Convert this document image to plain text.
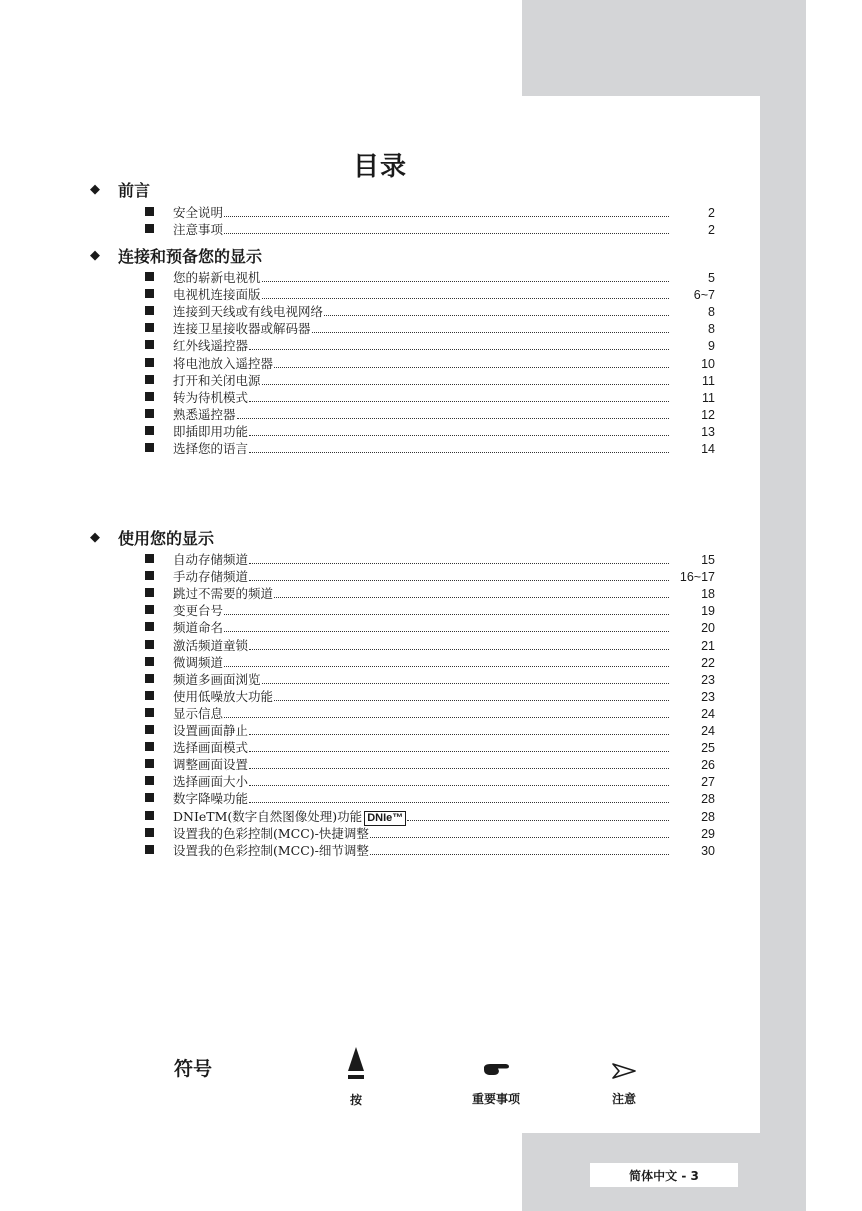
目录
◆	前言
安全说明	2
注意事项	2
◆	连接和预备您的显示
您的崭新电视机	5
电视机连接面版	6~7
连接到天线或有线电视网络	8
连接卫星接收器或解码器	8
红外线遥控器	9
将电池放入遥控器	10
打开和关闭电源	11
转为待机模式	11
熟悉遥控器	12
即插即用功能	13
选择您的语言	14
◆	使用您的显示
自动存储频道	15
手动存储频道	16~17
跳过不需要的频道	18
变更台号	19
频道命名	20
激活频道童锁	21
微调频道	22
频道多画面浏览	23
使用低噪放大功能	23
显示信息	24
设置画面静止	24
选择画面模式	25
调整画面设置	26
选择画面大小	27
数字降噪功能	28
DNIeTM(数字自然图像处理)功能 DNIe™	28
设置我的色彩控制(MCC)-快捷调整	29
设置我的色彩控制(MCC)-细节调整	30
符号
按	重要事项	注意
简体中文 - 3
